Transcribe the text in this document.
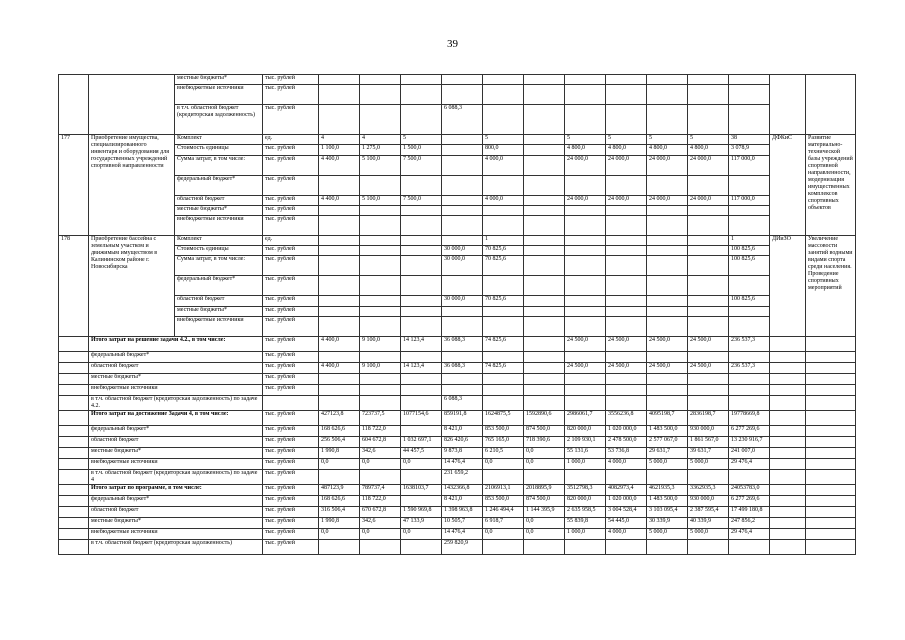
39
		местные бюджеты*	тыс. рублей													
		внебюджетные источники	тыс. рублей													
		в т.ч. областной бюджет (кредиторская задолженность)	тыс. рублей				6 088,3									
177	Приобретение имущества, специализированного инвентаря и оборудования для государственных учреждений спортивной направленности	Комплект	ед.	4	4	5		5		5	5	5	5	38	ДФКиС	Развитие материально-технической базы учреждений спортивной направленности, модернизация имущественных комплексов спортивных объектов
		Стоимость единицы	тыс. рублей	1 100,0	1 275,0	1 500,0		800,0		4 800,0	4 800,0	4 800,0	4 800,0	3 078,9		
		Сумма затрат, в том числе:	тыс. рублей	4 400,0	5 100,0	7 500,0		4 000,0		24 000,0	24 000,0	24 000,0	24 000,0	117 000,0		
		федеральный бюджет*	тыс. рублей													
		областной бюджет	тыс. рублей	4 400,0	5 100,0	7 500,0		4 000,0		24 000,0	24 000,0	24 000,0	24 000,0	117 000,0		
		местные бюджеты*	тыс. рублей													
		внебюджетные источники	тыс. рублей													
178	Приобретение бассейна с земельным участком и движимым имуществом в Калининском районе г. Новосибирска	Комплект	ед.					1						1	ДИиЗО	Увеличение массовости занятий водными видами спорта среди населения. Проведение спортивных мероприятий
		Стоимость единицы	тыс. рублей				30 000,0	70 825,6						100 825,6		
		Сумма затрат, в том числе:	тыс. рублей				30 000,0	70 825,6						100 825,6		
		федеральный бюджет*	тыс. рублей													
		областной бюджет	тыс. рублей				30 000,0	70 825,6						100 825,6		
		местные бюджеты*	тыс. рублей													
		внебюджетные источники	тыс. рублей													
	Итого затрат на решение задачи 4.2., в том числе:		тыс. рублей	4 400,0	9 100,0	14 123,4	36 088,3	74 825,6		24 500,0	24 500,0	24 500,0	24 500,0	236 537,3		
	федеральный бюджет*		тыс. рублей													
	областной бюджет		тыс. рублей	4 400,0	9 100,0	14 123,4	36 088,3	74 825,6		24 500,0	24 500,0	24 500,0	24 500,0	236 537,3		
	местные бюджеты*		тыс. рублей													
	внебюджетные источники		тыс. рублей													
	в т.ч. областной бюджет (кредиторская задолженность) по задаче 4.2.						6 088,3									
	Итого затрат на достижение Задачи 4, в том числе:		тыс. рублей	427123,8	723737,5	1077154,6	859191,8	1624875,5	1592890,6	2986061,7	3556236,8	4095198,7	2836198,7	19778669,8		
	федеральный бюджет*		тыс. рублей	168 626,6	118 722,0		8 421,0	853 500,0	874 500,0	820 000,0	1 020 000,0	1 483 500,0	930 000,0	6 277 269,6		
	областной бюджет		тыс. рублей	256 506,4	604 672,8	1 032 697,1	826 420,6	765 165,0	718 390,6	2 109 930,1	2 478 500,0	2 577 067,0	1 861 567,0	13 230 916,7		
	местные бюджеты*		тыс. рублей	1 990,8	342,6	44 457,5	9 873,8	6 210,5	0,0	55 131,6	53 736,8	29 631,7	39 631,7	241 007,0		
	внебюджетные источники		тыс. рублей	0,0	0,0	0,0	14 476,4	0,0	0,0	1 000,0	4 000,0	5 000,0	5 000,0	29 476,4		
	в т.ч. областной бюджет (кредиторская задолженность) по задаче 4		тыс. рублей				231 659,2									
	Итого затрат по программе, в том числе:		тыс. рублей	487123,9	789737,4	1638103,7	1432366,8	2106913,1	2018895,9	3512798,3	4082973,4	4621935,3	3362935,3	24053783,0		
	федеральный бюджет*		тыс. рублей	168 626,6	118 722,0		8 421,0	853 500,0	874 500,0	820 000,0	1 020 000,0	1 483 500,0	930 000,0	6 277 269,6		
	областной бюджет		тыс. рублей	316 506,4	670 672,8	1 590 969,8	1 398 963,8	1 246 494,4	1 144 395,9	2 635 958,5	3 004 528,4	3 103 095,4	2 387 595,4	17 499 180,8		
	местные бюджеты*		тыс. рублей	1 990,8	342,6	47 133,9	10 505,7	6 918,7	0,0	55 839,8	54 445,0	30 339,9	40 339,9	247 856,2		
	внебюджетные источники		тыс. рублей	0,0	0,0	0,0	14 476,4	0,0	0,0	1 000,0	4 000,0	5 000,0	5 000,0	29 476,4		
	в т.ч. областной бюджет (кредиторская задолженность)		тыс. рублей				259 820,9									
